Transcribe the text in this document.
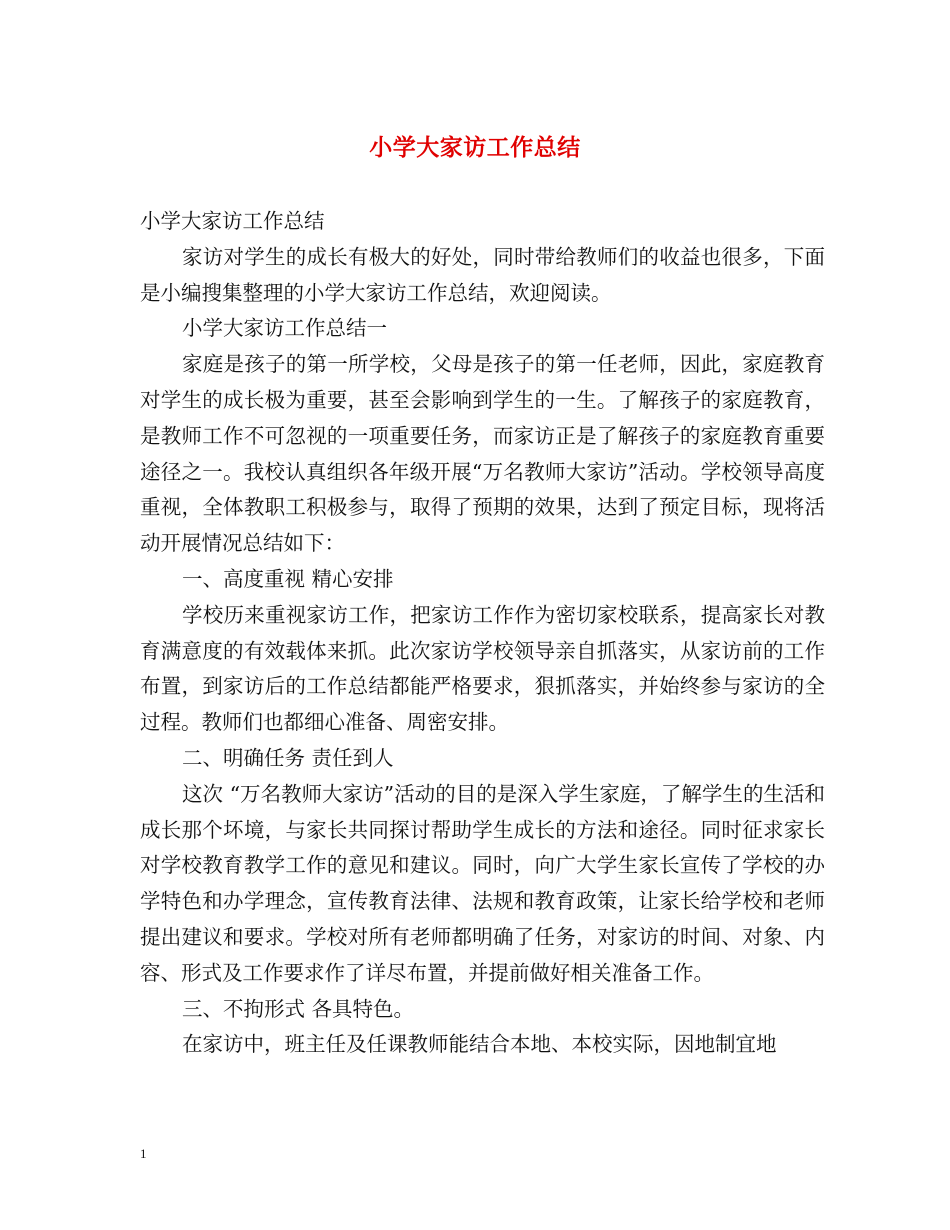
小学大家访工作总结

小学大家访工作总结

家访对学生的成长有极大的好处，同时带给教师们的收益也很多，下面是小编搜集整理的小学大家访工作总结，欢迎阅读。

小学大家访工作总结一

家庭是孩子的第一所学校，父母是孩子的第一任老师，因此，家庭教育对学生的成长极为重要，甚至会影响到学生的一生。了解孩子的家庭教育，是教师工作不可忽视的一项重要任务，而家访正是了解孩子的家庭教育重要途径之一。我校认真组织各年级开展“万名教师大家访”活动。学校领导高度重视，全体教职工积极参与，取得了预期的效果，达到了预定目标，现将活动开展情况总结如下：

一、高度重视 精心安排

学校历来重视家访工作，把家访工作作为密切家校联系，提高家长对教育满意度的有效载体来抓。此次家访学校领导亲自抓落实，从家访前的工作布置，到家访后的工作总结都能严格要求，狠抓落实，并始终参与家访的全过程。教师们也都细心准备、周密安排。

二、明确任务 责任到人

这次 “万名教师大家访”活动的目的是深入学生家庭，了解学生的生活和成长那个坏境，与家长共同探讨帮助学生成长的方法和途径。同时征求家长对学校教育教学工作的意见和建议。同时，向广大学生家长宣传了学校的办学特色和办学理念，宣传教育法律、法规和教育政策，让家长给学校和老师提出建议和要求。学校对所有老师都明确了任务，对家访的时间、对象、内容、形式及工作要求作了详尽布置，并提前做好相关准备工作。

三、不拘形式 各具特色。

在家访中，班主任及任课教师能结合本地、本校实际，因地制宜地

1
